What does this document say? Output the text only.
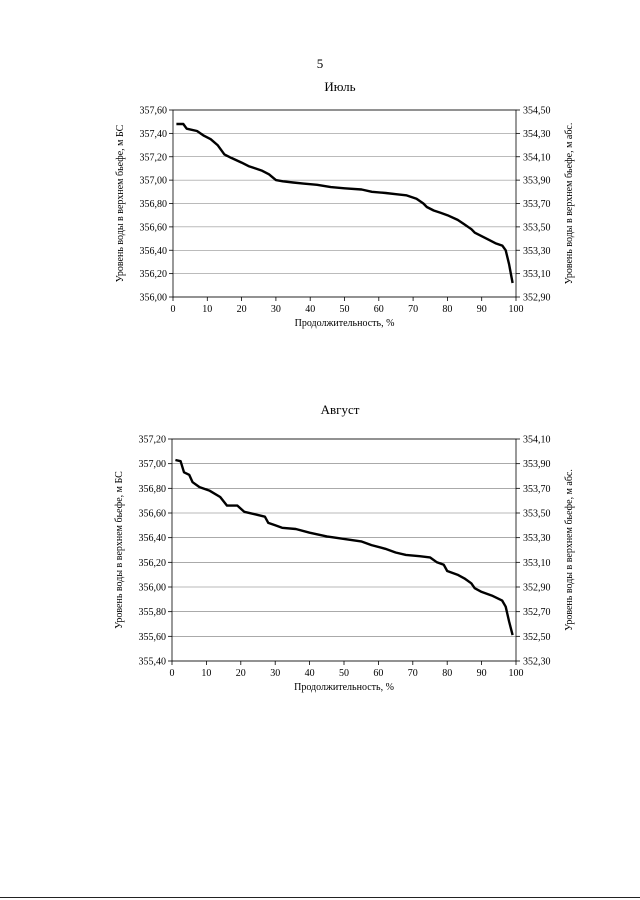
5
Июль
356,00	352,90
356,20	353,10
356,40	353,30
356,60	353,50
356,80	353,70
357,00	353,90
357,20	354,10
357,40	354,30
357,60	354,50
0	10 20 30 40 50 60 70 80 90 100
Продолжительность, %
Уровень воды в верхнем бьефе, м БС	Уровень воды в верхнем бьефе, м абс.
Август
355,40	352,30
355,60	352,50
355,80	352,70
356,00	352,90
356,20	353,10
356,40	353,30
356,60	353,50
356,80	353,70
357,00	353,90
357,20	354,10
0	10 20 30 40 50 60 70 80 90 100
Продолжительность, %
Уровень воды в верхнем бьефе, м БС	Уровень воды в верхнем бьефе, м абс.
